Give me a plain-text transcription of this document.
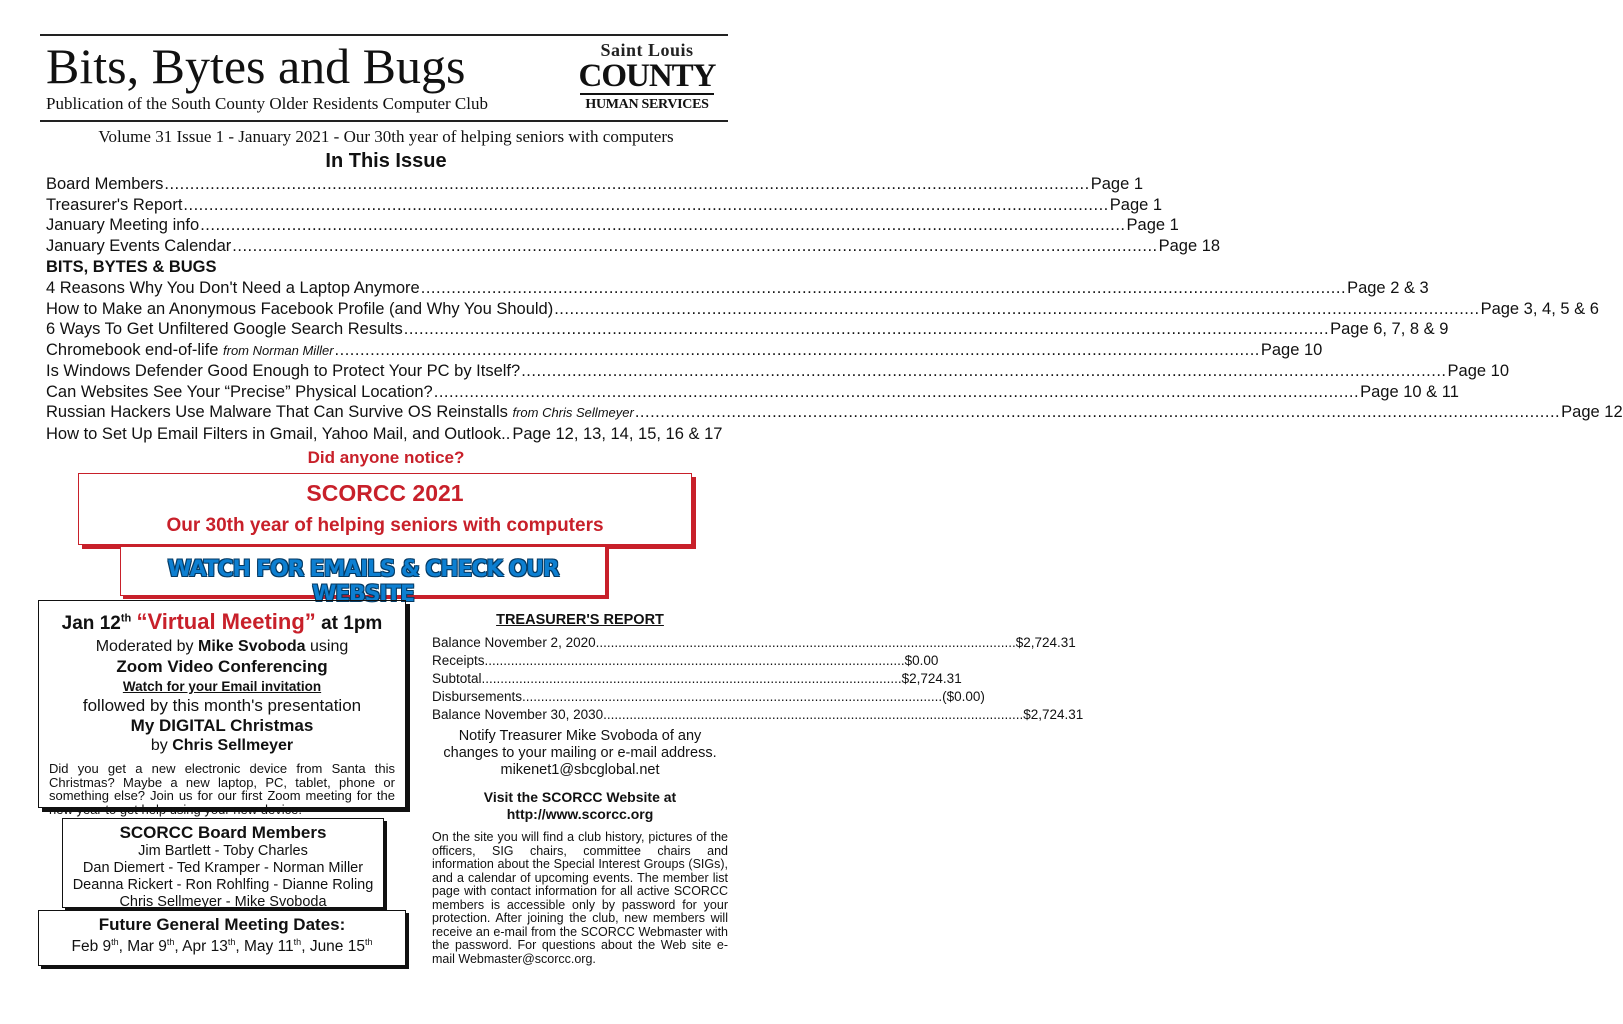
Bits, Bytes and Bugs
Publication of the South County Older Residents Computer Club
Saint Louis
COUNTY
HUMAN SERVICES
Volume 31 Issue 1 - January 2021 - Our 30th year of helping seniors with computers
In This Issue
Board Members .....	Page 1
Treasurer's Report .....	Page 1
January Meeting info .....	Page 1
January Events Calendar .....	Page 18
BITS, BYTES & BUGS
4 Reasons Why You Don't Need a Laptop Anymore .....	Page 2 & 3
How to Make an Anonymous Facebook Profile (and Why You Should) .....	Page 3, 4, 5 & 6
6 Ways To Get Unfiltered Google Search Results .....	Page 6, 7, 8 & 9
Chromebook end-of-life from Norman Miller .....	Page 10
Is Windows Defender Good Enough to Protect Your PC by Itself? .....	Page 10
Can Websites See Your “Precise” Physical Location? .....	Page 10 & 11
Russian Hackers Use Malware That Can Survive OS Reinstalls from Chris Sellmeyer .....	Page 12
How to Set Up Email Filters in Gmail, Yahoo Mail, and Outlook.. Page 12, 13, 14, 15, 16 & 17
Did anyone notice?
SCORCC 2021
Our 30th year of helping seniors with computers
WATCH FOR EMAILS & CHECK OUR WEBSITE
Jan 12th “Virtual Meeting” at 1pm
Moderated by Mike Svoboda using
Zoom Video Conferencing
Watch for your Email invitation
followed by this month's presentation
My DIGITAL Christmas
by Chris Sellmeyer
Did you get a new electronic device from Santa this Christmas? Maybe a new laptop, PC, tablet, phone or something else? Join us for our first Zoom meeting for the new year to get help using your new device.
SCORCC Board Members
Jim Bartlett - Toby Charles
Dan Diemert - Ted Kramper - Norman Miller
Deanna Rickert - Ron Rohlfing - Dianne Roling
Chris Sellmeyer - Mike Svoboda
Future General Meeting Dates:
Feb 9th, Mar 9th, Apr 13th, May 11th, June 15th
TREASURER'S REPORT
Balance November 2, 2020 .....	$2,724.31
Receipts .....	$0.00
Subtotal .....	$2,724.31
Disbursements .....	($0.00)
Balance November 30, 2030 .....	$2,724.31
Notify Treasurer Mike Svoboda of any changes to your mailing or e-mail address.
mikenet1@sbcglobal.net
Visit the SCORCC Website at
http://www.scorcc.org
On the site you will find a club history, pictures of the officers, SIG chairs, committee chairs and information about the Special Interest Groups (SIGs), and a calendar of upcoming events. The member list page with contact information for all active SCORCC members is accessible only by password for your protection. After joining the club, new members will receive an e-mail from the SCORCC Webmaster with the password. For questions about the Web site e-mail Webmaster@scorcc.org.
